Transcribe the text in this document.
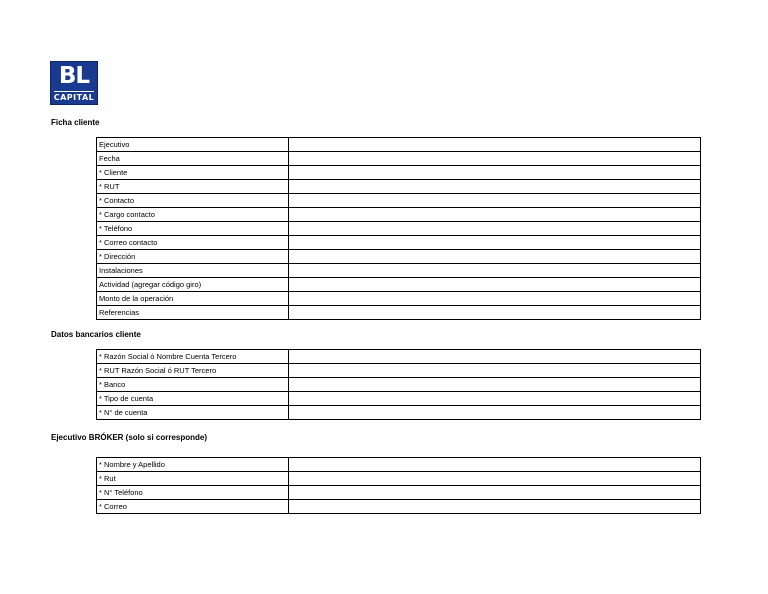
BL
CAPITAL
Ficha cliente
Ejecutivo	
Fecha	
* Cliente	
* RUT	
* Contacto	
* Cargo contacto	
* Teléfono	
* Correo contacto	
* Dirección	
Instalaciones	
Actividad (agregar código giro)	
Monto de la operación	
Referencias	
Datos bancarios cliente
* Razón Social ó Nombre Cuenta Tercero	
* RUT Razón Social ó RUT Tercero	
* Banco	
* Tipo de cuenta	
* N° de cuenta	
Ejecutivo BRÓKER (solo si corresponde)
* Nombre y Apellido	
* Rut	
* N° Teléfono	
* Correo	
